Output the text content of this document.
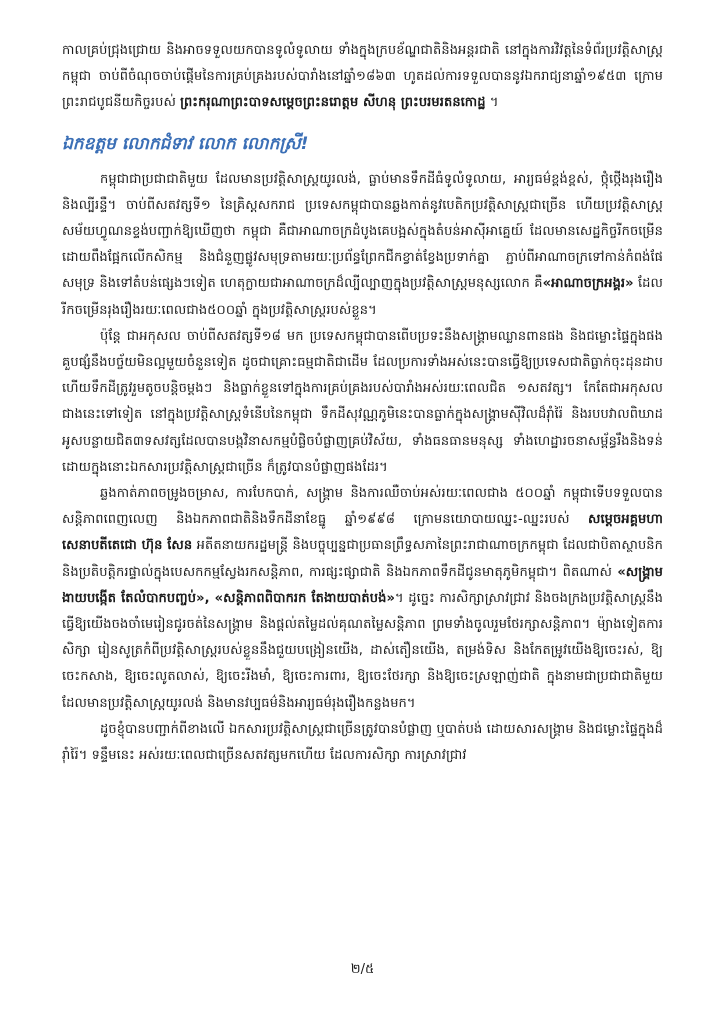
កាលគ្រប់ជ្រុងជ្រោយ និងអាចទទួលយកបានទូលំទូលាយ ទាំងក្នុងក្របខ័ណ្ឌជាតិនិងអន្តរជាតិ នៅក្នុងការវិវត្តនៃទំព័រប្រវត្តិសាស្ត្រកម្ពុជា ចាប់ពីចំណុចចាប់ផ្តើមនៃការគ្រប់គ្រងរបស់បារាំងនៅឆ្នាំ១៨៦៣ ហូតដល់ការទទួលបាននូវឯករាជ្យនាឆ្នាំ១៩៥៣ ក្រោមព្រះរាជបូជនីយកិច្ចរបស់ ព្រះករុណាព្រះបាទសម្តេចព្រះនរោត្តម សីហនុ ព្រះបរមរតនកោដ្ឋ ។

ឯកឧត្តម លោកជំទាវ លោក លោកស្រី!

កម្ពុជាជាប្រជាជាតិមួយ ដែលមានប្រវត្តិសាស្ត្រយូរលង់, ធ្លាប់មានទឹកដីធំទូលំទូលាយ, អារ្យធម៌ខ្ពង់ខ្ពស់, ថ្កុំថ្កើងរុងរឿង និងល្បីរន្ទឺ។ ចាប់ពីសតវត្សទី១ នៃគ្រិស្តសករាជ ប្រទេសកម្ពុជាបានឆ្លងកាត់នូវបេតិកប្រវត្តិសាស្ត្រជាច្រើន ហើយប្រវត្តិសាស្ត្រសម័យហ្វូណនខ្ទង់បញ្ជាក់ឱ្យឃើញថា កម្ពុជា គឺជាអាណាចក្រដំបូងគេបង្អស់ក្នុងតំបន់អាស៊ីអាគ្នេយ៍ ដែលមានសេដ្ឋកិច្ចរីកចម្រើនដោយពឹងផ្អែកលើកសិកម្ម និងជំនួញផ្លូវសមុទ្រតាមរយៈប្រព័ន្ធព្រែកជីកខ្វាត់ខ្វែងប្រទាក់គ្នា ភ្ជាប់ពីអាណាចក្រទៅកាន់កំពង់ផែសមុទ្រ និងទៅតំបន់ផ្សេងៗទៀត ហេតុក្លាយជាអាណាចក្រដ៏ល្បីល្បាញក្នុងប្រវត្តិសាស្ត្រមនុស្សលោក គឺ«អាណាចក្រអង្គរ» ដែលរីកចម្រើនរុងរឿងរយៈពេលជាង៥០០ឆ្នាំ ក្នុងប្រវត្តិសាស្ត្ររបស់ខ្លួន។

ប៉ុន្តែ ជាអកុសល ចាប់ពីសតវត្សទី១៨ មក ប្រទេសកម្ពុជាបានពើបប្រទះនឹងសង្គ្រាមឈ្លានពានផង និងជម្លោះផ្ទៃក្នុងផង គួបផ្សំនឹងបច្ច័យមិនល្អមួយចំនួនទៀត ដូចជាគ្រោះធម្មជាតិជាដើម ដែលប្រការទាំងអស់នេះបានធ្វើឱ្យប្រទេសជាតិធ្លាក់ចុះដុនដាប ហើយទឹកដីត្រូវរួមតូចបន្តិចម្តងៗ និងធ្លាក់ខ្លួនទៅក្នុងការគ្រប់គ្រងរបស់បារាំងអស់រយៈពេលជិត ១សតវត្ស។ កែតែជាអកុសលជាងនេះទៅទៀត នៅក្នុងប្រវត្តិសាស្ត្រទំនើបនៃកម្ពុជា ទឹកដីសុវណ្ណភូមិនេះបានធ្លាក់ក្នុងសង្គ្រាមស៊ីវិលដ៏រ៉ាំរ៉ៃ និងរបបវាលពិឃាដ អូសបន្លាយជិត៣ទសវត្សដែលបានបង្កវិនាសកម្មបំផ្លិចបំផ្លាញគ្រប់វិស័យ, ទាំងធនធានមនុស្ស ទាំងហេដ្ឋារចនាសម្ព័ន្ធរឹងនិងទន់ ដោយក្នុងនោះឯកសារប្រវត្តិសាស្ត្រជាច្រើន ក៏ត្រូវបានបំផ្លាញផងដែរ។

ឆ្លងកាត់ភាពចម្រូងចម្រាស, ការបែកបាក់, សង្គ្រាម និងការឈឺចាប់អស់រយៈពេលជាង ៥០០ឆ្នាំ កម្ពុជាទើបទទួលបានសន្តិភាពពេញលេញ និងឯកភាពជាតិនិងទឹកដីនាខែធ្នូ ឆ្នាំ១៩៩៨ ក្រោមនយោបាយឈ្នះ-ឈ្នះរបស់ សម្តេចអគ្គមហាសេនាបតីតេជោ ហ៊ុន សែន អតីតនាយករដ្ឋមន្ត្រី និងបច្ចុប្បន្នជាប្រធានព្រឹទ្ធសភានៃព្រះរាជាណាចក្រកម្ពុជា ដែលជាបិតាស្ថាបនិក និងប្រតិបត្តិករផ្ទាល់ក្នុងបេសកកម្មស្វែងរកសន្តិភាព, ការផ្សះផ្សាជាតិ និងឯកភាពទឹកដីជូនមាតុភូមិកម្ពុជា។ ពិតណាស់ «សង្គ្រាមងាយបង្កើត តែលំបាកបញ្ចប់», «សន្តិភាពពិបាករក តែងាយបាត់បង់»។ ដូច្នេះ ការសិក្សាស្រាវជ្រាវ និងចងក្រងប្រវត្តិសាស្ត្រនឹងធ្វើឱ្យយើងចងចាំមេរៀនជូរចត់នៃសង្គ្រាម និងផ្តល់តម្លៃដល់គុណតម្លៃសន្តិភាព ព្រមទាំងចូលរួមថែរក្សាសន្តិភាព។ ម៉្យាងទៀតការសិក្សា រៀនសូត្រកំពីប្រវត្តិសាស្ត្ររបស់ខ្លួននឹងជួយបង្រៀនយើង, ដាស់តឿនយើង, តម្រង់ទិស និងកែតម្រូវយើងឱ្យចេះរស់, ឱ្យចេះកសាង, ឱ្យចេះលូតលាស់, ឱ្យចេះរីងមាំ, ឱ្យចេះការពារ, ឱ្យចេះថែរក្សា និងឱ្យចេះស្រឡាញ់ជាតិ ក្នុងនាមជាប្រជាជាតិមួយ ដែលមានប្រវត្តិសាស្ត្រយូរលង់ និងមានវប្បធម៌និងអារ្យធម៌រុងរឿងកន្លងមក។

ដូចខ្ញុំបានបញ្ជាក់ពីខាងលើ ឯកសារប្រវត្តិសាស្ត្រជាច្រើនត្រូវបានបំផ្លាញ ឬបាត់បង់ ដោយសារសង្គ្រាម និងជម្លោះផ្ទៃក្នុងដ៏រ៉ាំរ៉ៃ។ ទន្ទឹមនេះ អស់រយៈពេលជាច្រើនសតវត្សមកហើយ ដែលការសិក្សា ការស្រាវជ្រាវ

២/៥
